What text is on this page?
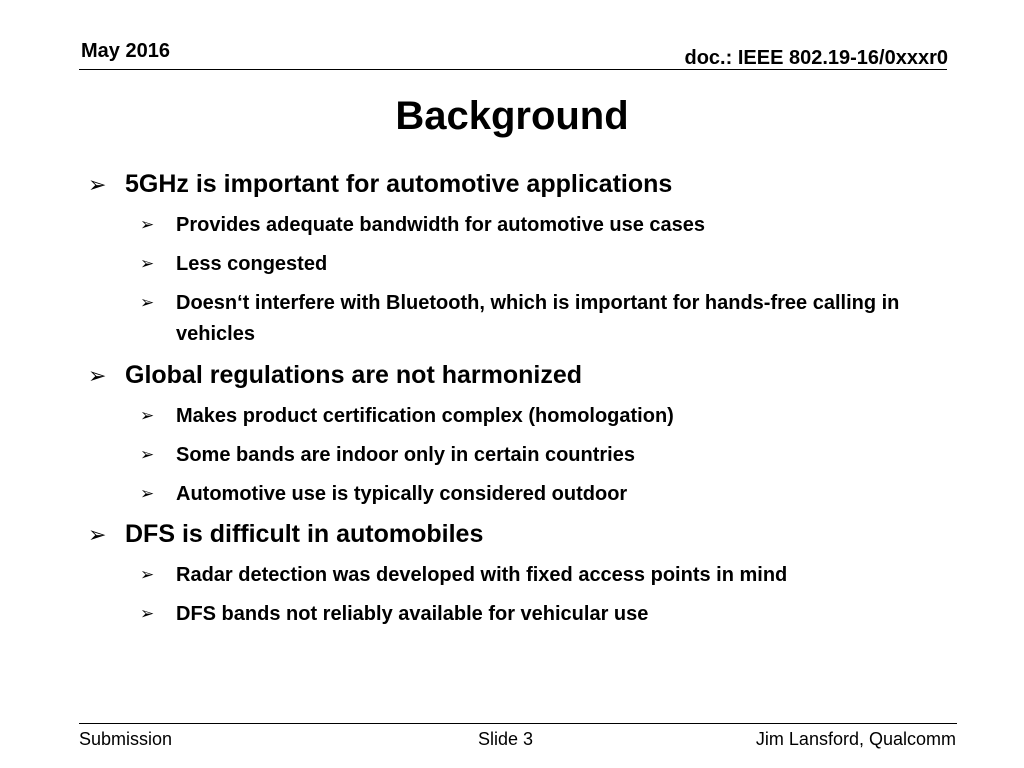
May 2016	doc.: IEEE 802.19-16/0xxxr0
Background
➢ 5GHz is important for automotive applications
➢	Provides adequate bandwidth for automotive use cases
➢	Less congested
➢	Doesn‘t interfere with Bluetooth, which is important for hands-free calling in vehicles
➢ Global regulations are not harmonized
➢	Makes product certification complex (homologation)
➢	Some bands are indoor only in certain countries
➢	Automotive use is typically considered outdoor
➢ DFS is difficult in automobiles
➢	Radar detection was developed with fixed access points in mind
➢	DFS bands not reliably available for vehicular use
Submission	Slide 3	Jim Lansford, Qualcomm
